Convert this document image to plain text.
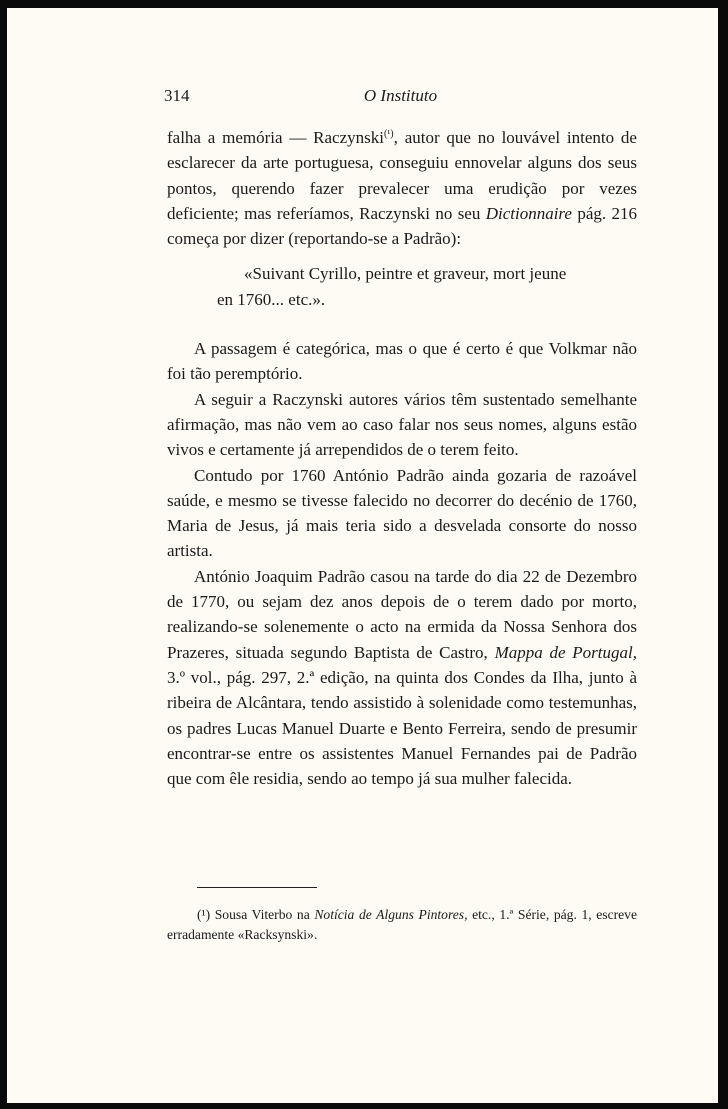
314	O Instituto

falha a memória — Raczynski$^{(^1)}$, autor que no louvável intento de esclarecer da arte portuguesa, conseguiu ennovelar alguns dos seus pontos, querendo fazer prevalecer uma erudição por vezes deficiente; mas referíamos, Raczynski no seu Dictionnaire pág. 216 começa por dizer (reportando-se a Padrão):

«Suivant Cyrillo, peintre et graveur, mort jeune
en 1760... etc.».

A passagem é categórica, mas o que é certo é que Volkmar não foi tão peremptório.

A seguir a Raczynski autores vários têm sustentado semelhante afirmação, mas não vem ao caso falar nos seus nomes, alguns estão vivos e certamente já arrependidos de o terem feito.

Contudo por 1760 António Padrão ainda gozaria de razoável saúde, e mesmo se tivesse falecido no decorrer do decénio de 1760, Maria de Jesus, já mais teria sido a desvelada consorte do nosso artista.

António Joaquim Padrão casou na tarde do dia 22 de Dezembro de 1770, ou sejam dez anos depois de o terem dado por morto, realizando-se solenemente o acto na ermida da Nossa Senhora dos Prazeres, situada segundo Baptista de Castro, Mappa de Portugal, 3.º vol., pág. 297, 2.ª edição, na quinta dos Condes da Ilha, junto à ribeira de Alcântara, tendo assistido à solenidade como testemunhas, os padres Lucas Manuel Duarte e Bento Ferreira, sendo de presumir encontrar-se entre os assistentes Manuel Fernandes pai de Padrão que com êle residia, sendo ao tempo já sua mulher falecida.

(¹) Sousa Viterbo na Notícia de Alguns Pintores, etc., 1.ª Série, pág. 1, escreve erradamente «Racksynski».
